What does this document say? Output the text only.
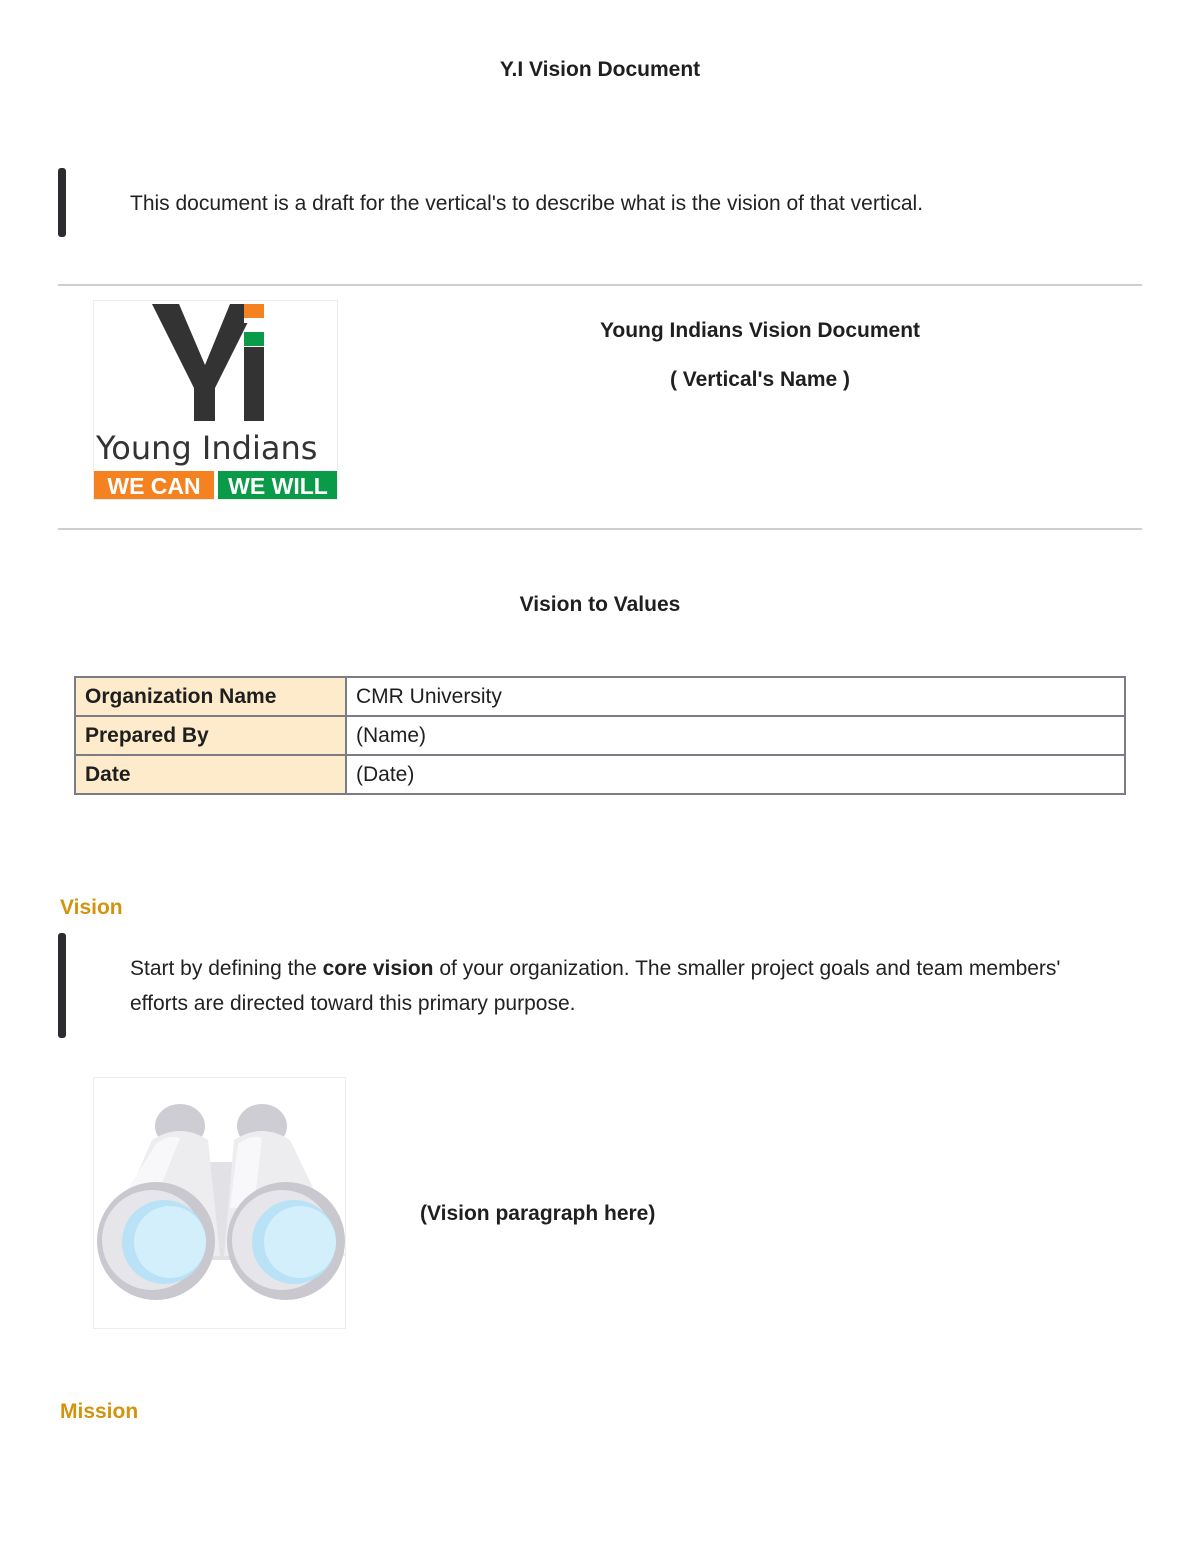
Y.I Vision Document
This document is a draft for the vertical's to describe what is the vision of that vertical.
Young Indians
WE CAN WE WILL
Young Indians Vision Document
( Vertical's Name )
Vision to Values
Organization Name	CMR University
Prepared By	(Name)
Date	(Date)
Vision
Start by defining the core vision of your organization. The smaller project goals and team members' efforts are directed toward this primary purpose.
(Vision paragraph here)
Mission
